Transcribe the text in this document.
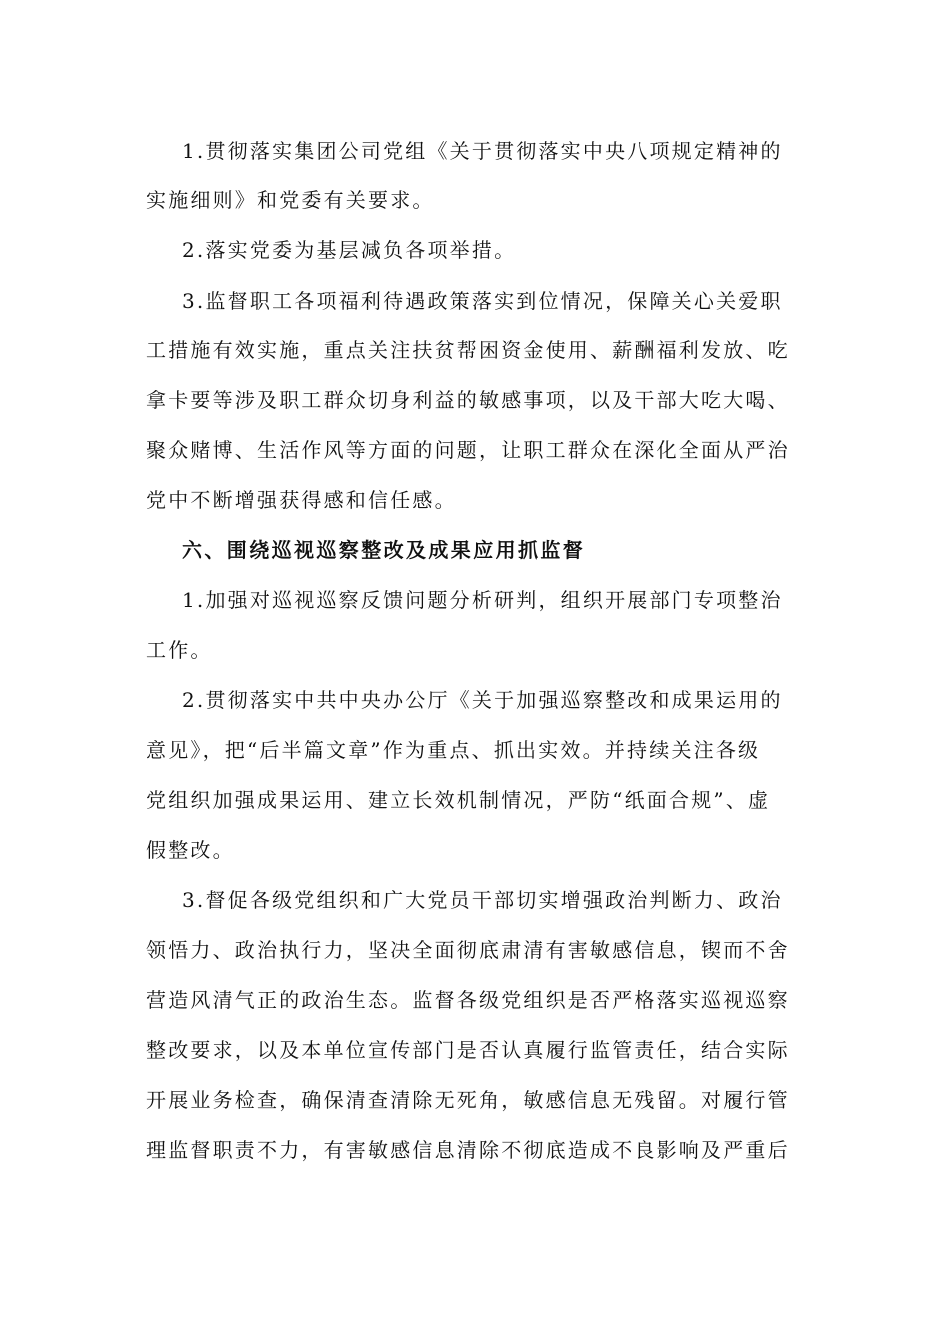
1.贯彻落实集团公司党组《关于贯彻落实中央八项规定精神的
实施细则》和党委有关要求。
2.落实党委为基层减负各项举措。
3.监督职工各项福利待遇政策落实到位情况，保障关心关爱职
工措施有效实施，重点关注扶贫帮困资金使用、薪酬福利发放、吃
拿卡要等涉及职工群众切身利益的敏感事项，以及干部大吃大喝、
聚众赌博、生活作风等方面的问题，让职工群众在深化全面从严治
党中不断增强获得感和信任感。
六、围绕巡视巡察整改及成果应用抓监督
1.加强对巡视巡察反馈问题分析研判，组织开展部门专项整治
工作。
2.贯彻落实中共中央办公厅《关于加强巡察整改和成果运用的
意见》，把“后半篇文章”作为重点、抓出实效。并持续关注各级
党组织加强成果运用、建立长效机制情况，严防“纸面合规”、虚
假整改。
3.督促各级党组织和广大党员干部切实增强政治判断力、政治
领悟力、政治执行力，坚决全面彻底肃清有害敏感信息，锲而不舍
营造风清气正的政治生态。监督各级党组织是否严格落实巡视巡察
整改要求，以及本单位宣传部门是否认真履行监管责任，结合实际
开展业务检查，确保清查清除无死角，敏感信息无残留。对履行管
理监督职责不力，有害敏感信息清除不彻底造成不良影响及严重后
